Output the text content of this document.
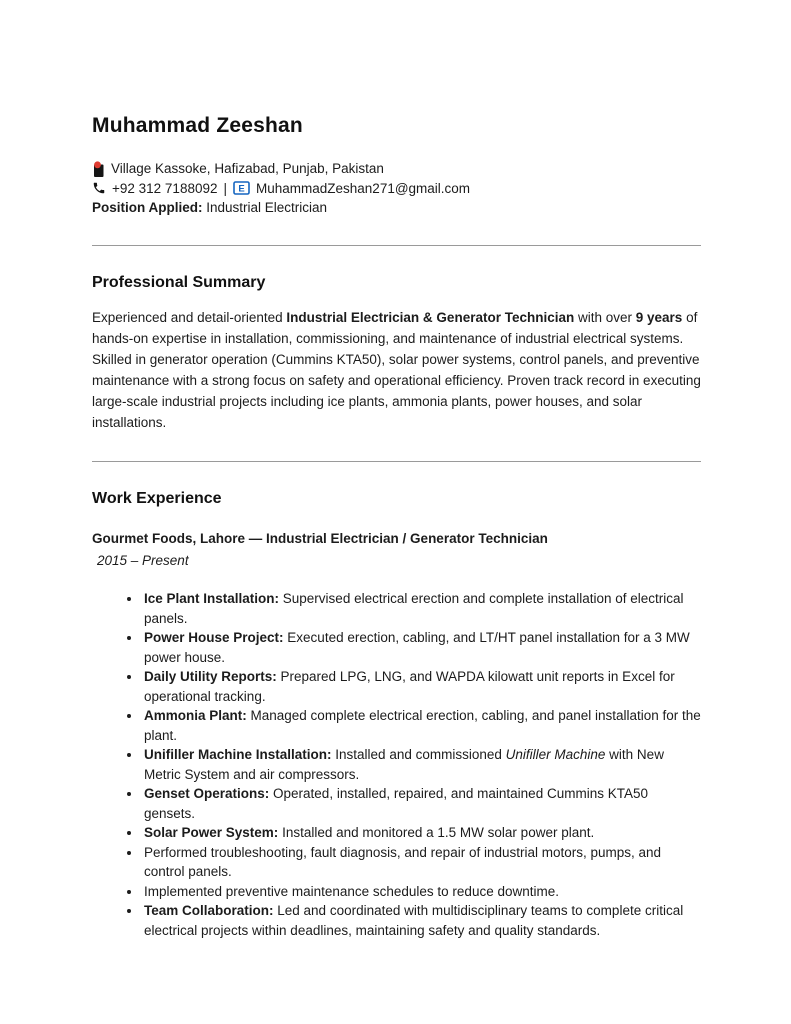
Muhammad Zeeshan
Village Kassoke, Hafizabad, Punjab, Pakistan
+92 312 7188092 | E MuhammadZeshan271@gmail.com
Position Applied:
Industrial Electrician
Professional Summary

Experienced and detail-oriented Industrial Electrician & Generator Technician with over 9 years of hands-on expertise in installation, commissioning, and maintenance of industrial electrical systems. Skilled in generator operation (Cummins KTA50), solar power systems, control panels, and preventive maintenance with a strong focus on safety and operational efficiency. Proven track record in executing large-scale industrial projects including ice plants, ammonia plants, power houses, and solar installations.

Work Experience
Gourmet Foods, Lahore — Industrial Electrician / Generator Technician
2015 – Present
• Ice Plant Installation: Supervised electrical erection and complete installation of electrical panels.
• Power House Project: Executed erection, cabling, and LT/HT panel installation for a 3 MW power house.
• Daily Utility Reports: Prepared LPG, LNG, and WAPDA kilowatt unit reports in Excel for operational tracking.
• Ammonia Plant: Managed complete electrical erection, cabling, and panel installation for the plant.
• Unifiller Machine Installation: Installed and commissioned Unifiller Machine with New Metric System and air compressors.
• Genset Operations: Operated, installed, repaired, and maintained Cummins KTA50 gensets.
• Solar Power System: Installed and monitored a 1.5 MW solar power plant.
• Performed troubleshooting, fault diagnosis, and repair of industrial motors, pumps, and control panels.
• Implemented preventive maintenance schedules to reduce downtime.
• Team Collaboration: Led and coordinated with multidisciplinary teams to complete critical electrical projects within deadlines, maintaining safety and quality standards.
